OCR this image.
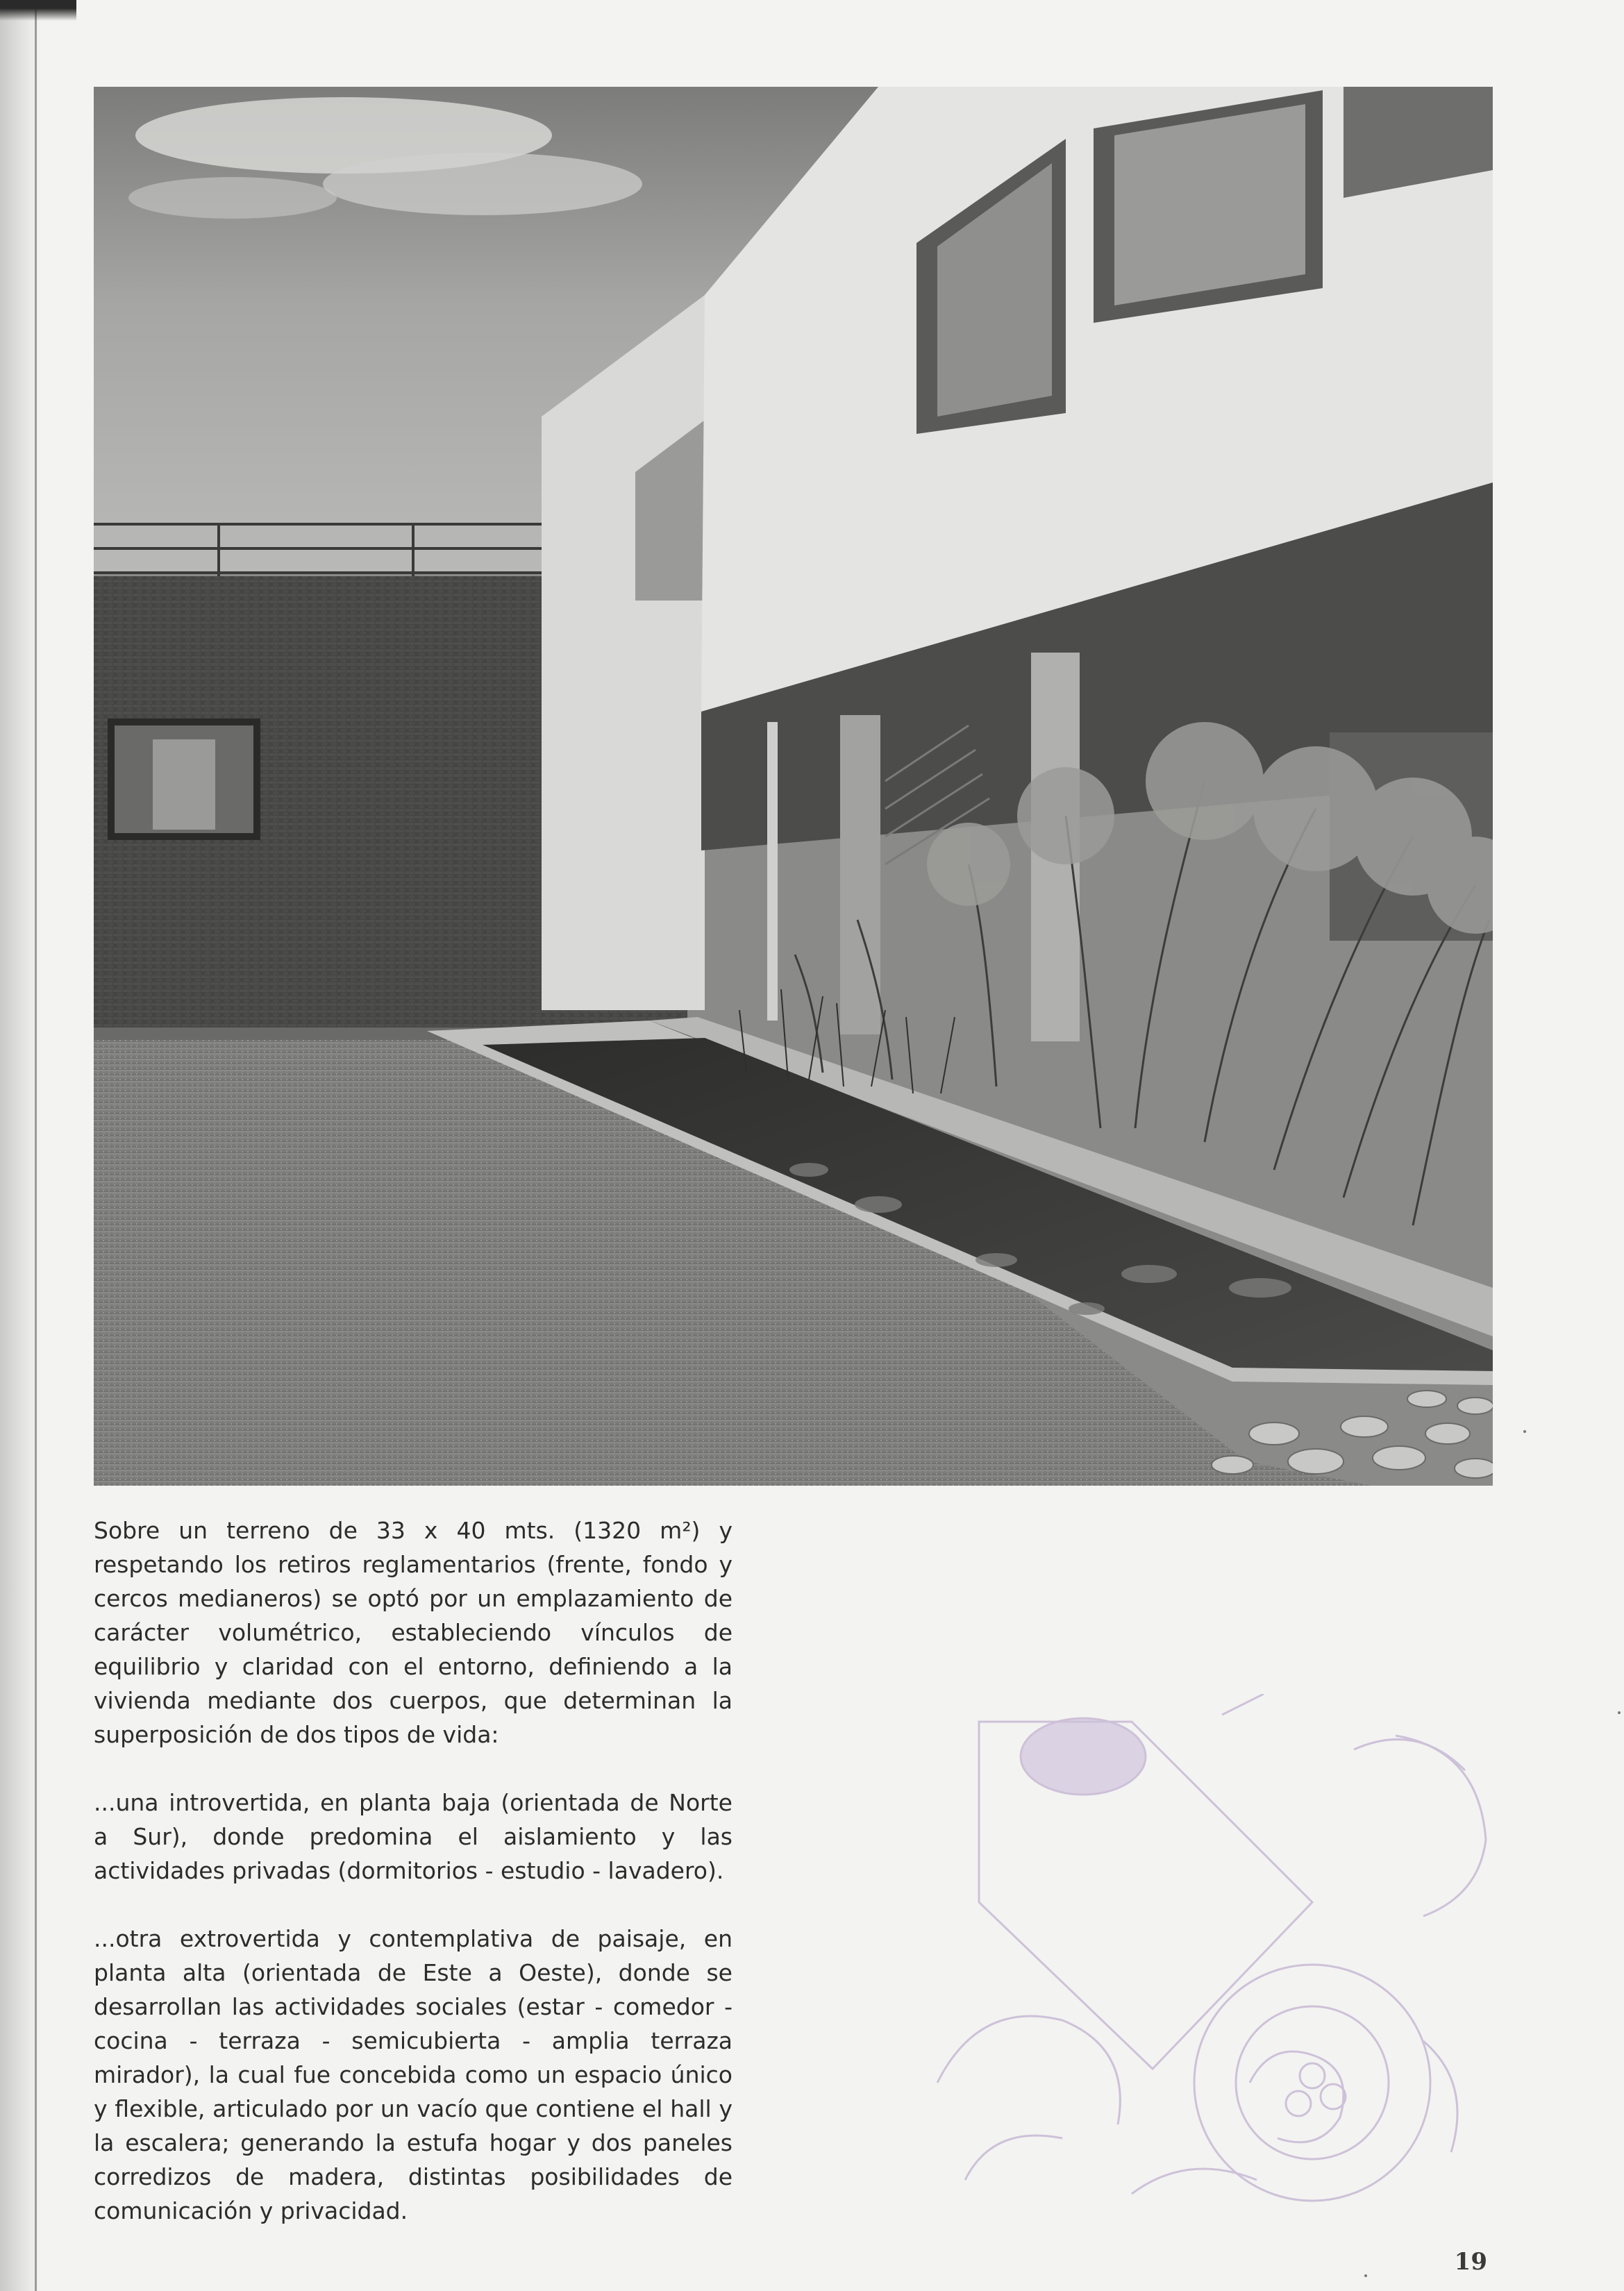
Sobre un terreno de 33 x 40 mts. (1320 m²) y respetando los retiros reglamentarios (frente, fondo y cercos medianeros) se optó por un emplazamiento de carácter volumétrico, estableciendo vínculos de equilibrio y claridad con el entorno, definiendo a la vivienda mediante dos cuerpos, que determinan la superposición de dos tipos de vida:

...una introvertida, en planta baja (orientada de Norte a Sur), donde predomina el aislamiento y las actividades privadas (dormitorios - estudio - lavadero).

...otra extrovertida y contemplativa de paisaje, en planta alta (orientada de Este a Oeste), donde se desarrollan las actividades sociales (estar - comedor - cocina - terraza - semicubierta - amplia terraza mirador), la cual fue concebida como un espacio único y flexible, articulado por un vacío que contiene el hall y la escalera; generando la estufa hogar y dos paneles corredizos de madera, distintas posibilidades de comunicación y privacidad.

19
